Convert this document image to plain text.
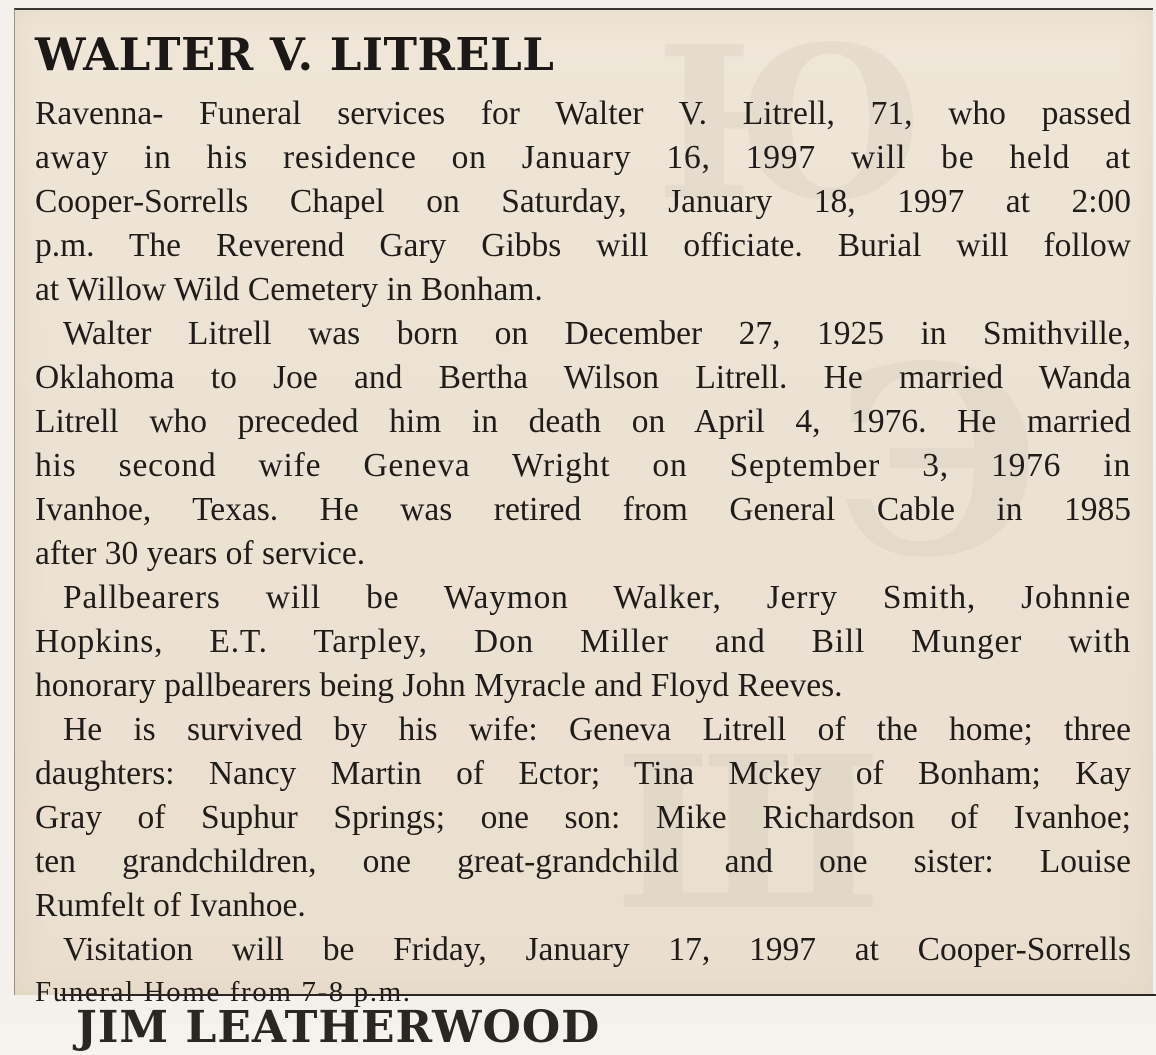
Ю
Э
Ш
WALTER V. LITRELL
Ravenna- Funeral services for Walter V. Litrell, 71, who passed
away in his residence on January 16, 1997 will be held at
Cooper-Sorrells Chapel on Saturday, January 18, 1997 at 2:00
p.m. The Reverend Gary Gibbs will officiate. Burial will follow
at Willow Wild Cemetery in Bonham.
Walter Litrell was born on December 27, 1925 in Smithville,
Oklahoma to Joe and Bertha Wilson Litrell. He married Wanda
Litrell who preceded him in death on April 4, 1976. He married
his second wife Geneva Wright on September 3, 1976 in
Ivanhoe, Texas. He was retired from General Cable in 1985
after 30 years of service.
Pallbearers will be Waymon Walker, Jerry Smith, Johnnie
Hopkins, E.T. Tarpley, Don Miller and Bill Munger with
honorary pallbearers being John Myracle and Floyd Reeves.
He is survived by his wife: Geneva Litrell of the home; three
daughters: Nancy Martin of Ector; Tina Mckey of Bonham; Kay
Gray of Suphur Springs; one son: Mike Richardson of Ivanhoe;
ten grandchildren, one great-grandchild and one sister: Louise
Rumfelt of Ivanhoe.
Visitation will be Friday, January 17, 1997 at Cooper-Sorrells
Funeral Home from 7-8 p.m.
JIM LEATHERWOOD
